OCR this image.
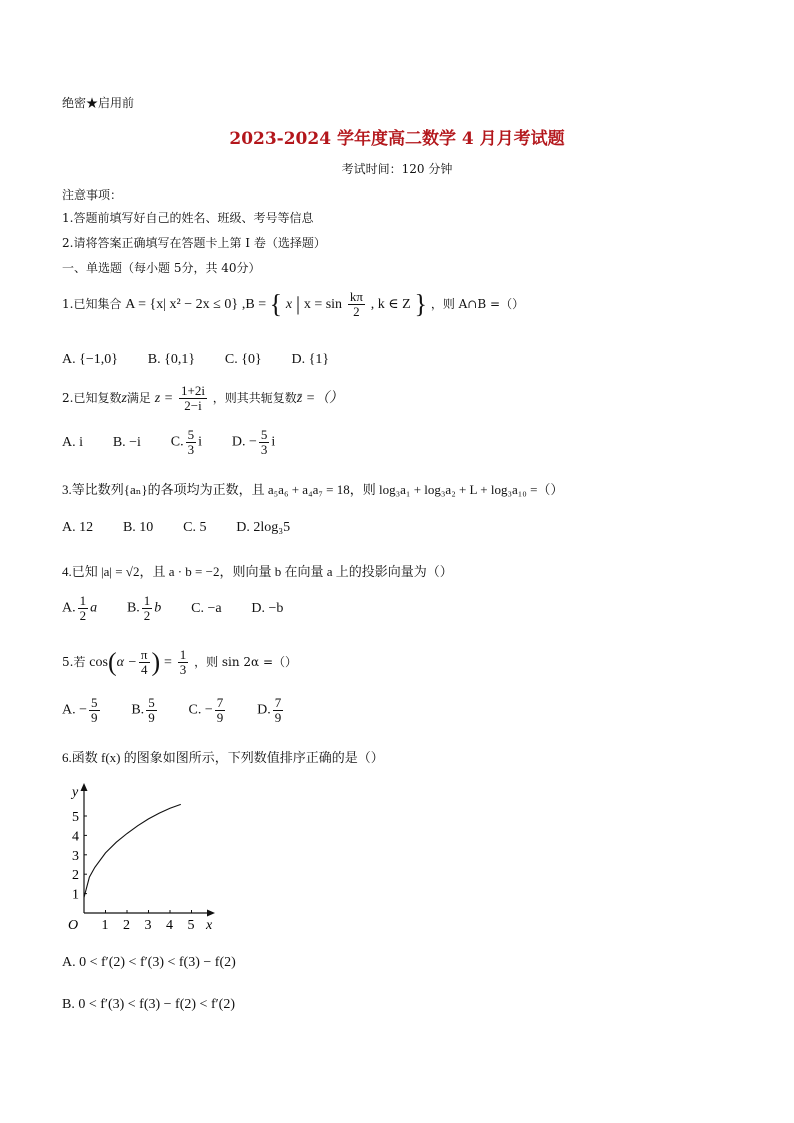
绝密★启用前
2023-2024 学年度高二数学 4 月月考试题
考试时间：120 分钟
注意事项：
1.答题前填写好自己的姓名、班级、考号等信息
2.请将答案正确填写在答题卡上第 I 卷（选择题）
一、单选题（每小题 5分，共 40分）
1.已知集合 A = {x| x² − 2x ≤ 0} ,B = { x | $x = \sin \frac{k\pi}{2}$ , k ∈ Z } ，则 A∩B =（）
A. {−1,0} B. {0,1} C. {0} D. {1}
2.已知复数z满足 $z = \frac{1+2i}{2-i}$ ，则其共轭复数z̄ =（）
A. i B. −i C. $\frac{5}{3}$ i D. − $\frac{5}{3}$ i
3.等比数列{aₙ}的各项均为正数，且 a₅a₆ + a₄a₇ = 18，则 log₃a₁ + log₃a₂ + L + log₃a₁₀ =（）
A. 12 B. 10 C. 5 D. 2log₃5
4.已知 |a| = √2，且 a · b = −2，则向量 b 在向量 a 上的投影向量为（）
A. $\frac{1}{2}$ a B. $\frac{1}{2}$ b C. −a D. −b
5.若 $\cos(\alpha - \frac{\pi}{4}$ ) = $\frac{1}{3}$ ，则 sin 2α =（）
A. − $\frac{5}{9} B$. $\frac{5}{9} C$. − $\frac{7}{9} D$. $\frac{7}{9}$
6.函数 f(x) 的图象如图所示，下列数值排序正确的是（）
x
y
O 1 2 3 4 5
1
2
3
4
5
A. 0 < f′(2) < f′(3) < f(3) − f(2)
B. 0 < f′(3) < f(3) − f(2) < f′(2)
